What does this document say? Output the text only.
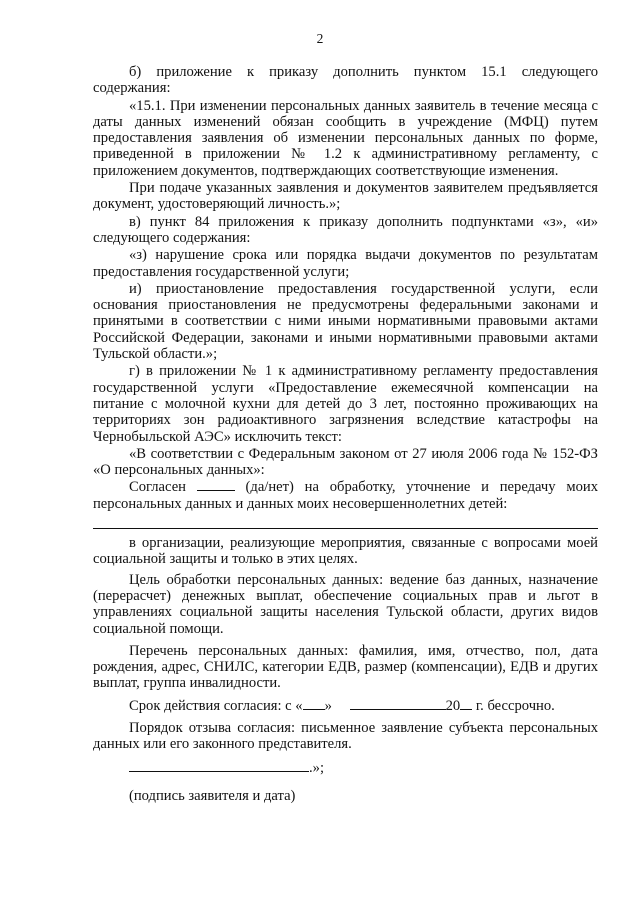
2

б) приложение к приказу дополнить пунктом 15.1 следующего содержания:

«15.1. При изменении персональных данных заявитель в течение месяца с даты данных изменений обязан сообщить в учреждение (МФЦ) путем предоставления заявления об изменении персональных данных по форме, приведенной в приложении № 1.2 к административному регламенту, с приложением документов, подтверждающих соответствующие изменения.

При подаче указанных заявления и документов заявителем предъявляется документ, удостоверяющий личность.»;

в) пункт 84 приложения к приказу дополнить подпунктами «з», «и» следующего содержания:

«з) нарушение срока или порядка выдачи документов по результатам предоставления государственной услуги;

и) приостановление предоставления государственной услуги, если основания приостановления не предусмотрены федеральными законами и принятыми в соответствии с ними иными нормативными правовыми актами Российской Федерации, законами и иными нормативными правовыми актами Тульской области.»;

г) в приложении № 1 к административному регламенту предоставления государственной услуги «Предоставление ежемесячной компенсации на питание с молочной кухни для детей до 3 лет, постоянно проживающих на территориях зон радиоактивного загрязнения вследствие катастрофы на Чернобыльской АЭС» исключить текст:

«В соответствии с Федеральным законом от 27 июля 2006 года № 152-ФЗ «О персональных данных»:

Согласен	(да/нет) на обработку, уточнение и передачу моих персональных данных и данных моих несовершеннолетних детей:

в организации, реализующие мероприятия, связанные с вопросами моей социальной защиты и только в этих целях.

Цель обработки персональных данных: ведение баз данных, назначение (перерасчет) денежных выплат, обеспечение социальных прав и льгот в управлениях социальной защиты населения Тульской области, других видов социальной помощи.

Перечень персональных данных: фамилия, имя, отчество, пол, дата рождения, адрес, СНИЛС, категории ЕДВ, размер (компенсации), ЕДВ и других выплат, группа инвалидности.

Срок действия согласия: с « »	20 г. бессрочно.

Порядок отзыва согласия: письменное заявление субъекта персональных данных или его законного представителя.

.»;

(подпись заявителя и дата)
